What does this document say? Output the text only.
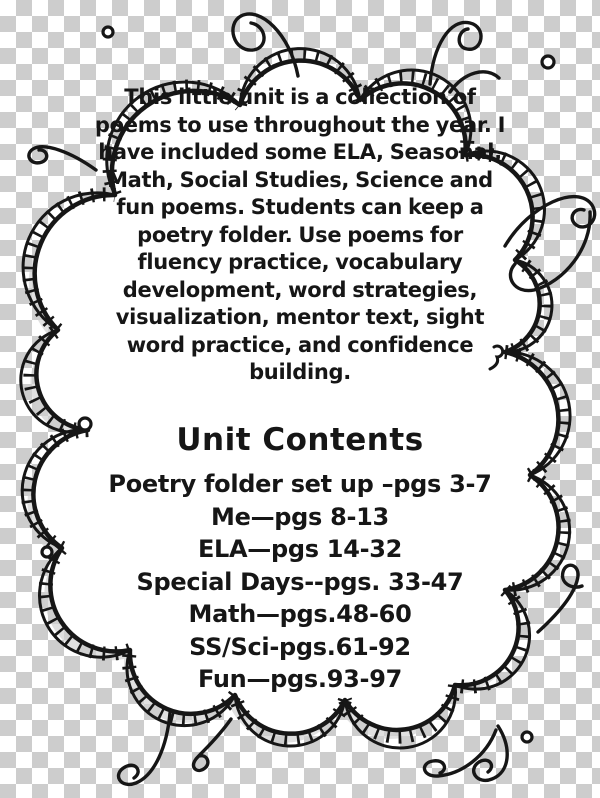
This little unit is a collection of
poems to use throughout the year. I
have included some ELA, Seasonal,
Math, Social Studies, Science and
fun poems. Students can keep a
poetry folder. Use poems for
fluency practice, vocabulary
development, word strategies,
visualization, mentor text, sight
word practice, and confidence
building.
Unit Contents
Poetry folder set up –pgs 3-7
Me—pgs 8-13
ELA—pgs 14-32
Special Days--pgs. 33-47
Math—pgs.48-60
SS/Sci-pgs.61-92
Fun—pgs.93-97
